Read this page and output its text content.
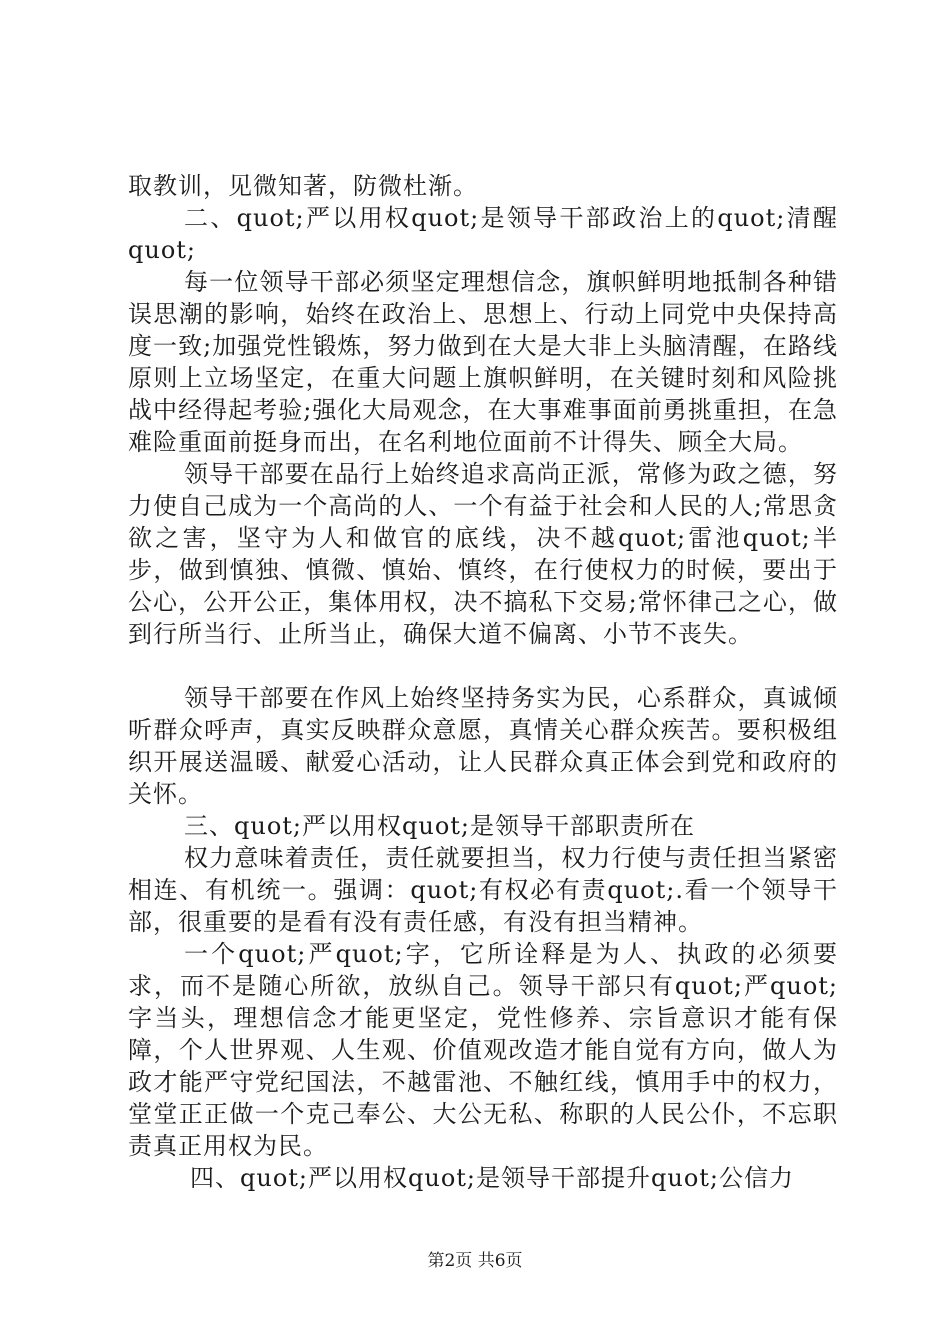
取教训，见微知著，防微杜渐。

二、quot;严以用权quot;是领导干部政治上的quot;清醒quot;

每一位领导干部必须坚定理想信念，旗帜鲜明地抵制各种错误思潮的影响，始终在政治上、思想上、行动上同党中央保持高度一致;加强党性锻炼，努力做到在大是大非上头脑清醒，在路线原则上立场坚定，在重大问题上旗帜鲜明，在关键时刻和风险挑战中经得起考验;强化大局观念，在大事难事面前勇挑重担，在急难险重面前挺身而出，在名利地位面前不计得失、顾全大局。

领导干部要在品行上始终追求高尚正派，常修为政之德，努力使自己成为一个高尚的人、一个有益于社会和人民的人;常思贪欲之害，坚守为人和做官的底线，决不越quot;雷池quot;半步，做到慎独、慎微、慎始、慎终，在行使权力的时候，要出于公心，公开公正，集体用权，决不搞私下交易;常怀律己之心，做到行所当行、止所当止，确保大道不偏离、小节不丧失。

领导干部要在作风上始终坚持务实为民，心系群众，真诚倾听群众呼声，真实反映群众意愿，真情关心群众疾苦。要积极组织开展送温暖、献爱心活动，让人民群众真正体会到党和政府的关怀。

三、quot;严以用权quot;是领导干部职责所在

权力意味着责任，责任就要担当，权力行使与责任担当紧密相连、有机统一。强调：quot;有权必有责quot;.看一个领导干部，很重要的是看有没有责任感，有没有担当精神。

一个quot;严quot;字，它所诠释是为人、执政的必须要求，而不是随心所欲，放纵自己。领导干部只有quot;严quot;字当头，理想信念才能更坚定，党性修养、宗旨意识才能有保障，个人世界观、人生观、价值观改造才能自觉有方向，做人为政才能严守党纪国法，不越雷池、不触红线，慎用手中的权力，堂堂正正做一个克己奉公、大公无私、称职的人民公仆，不忘职责真正用权为民。

四、quot;严以用权quot;是领导干部提升quot;公信力

第2页 共6页
